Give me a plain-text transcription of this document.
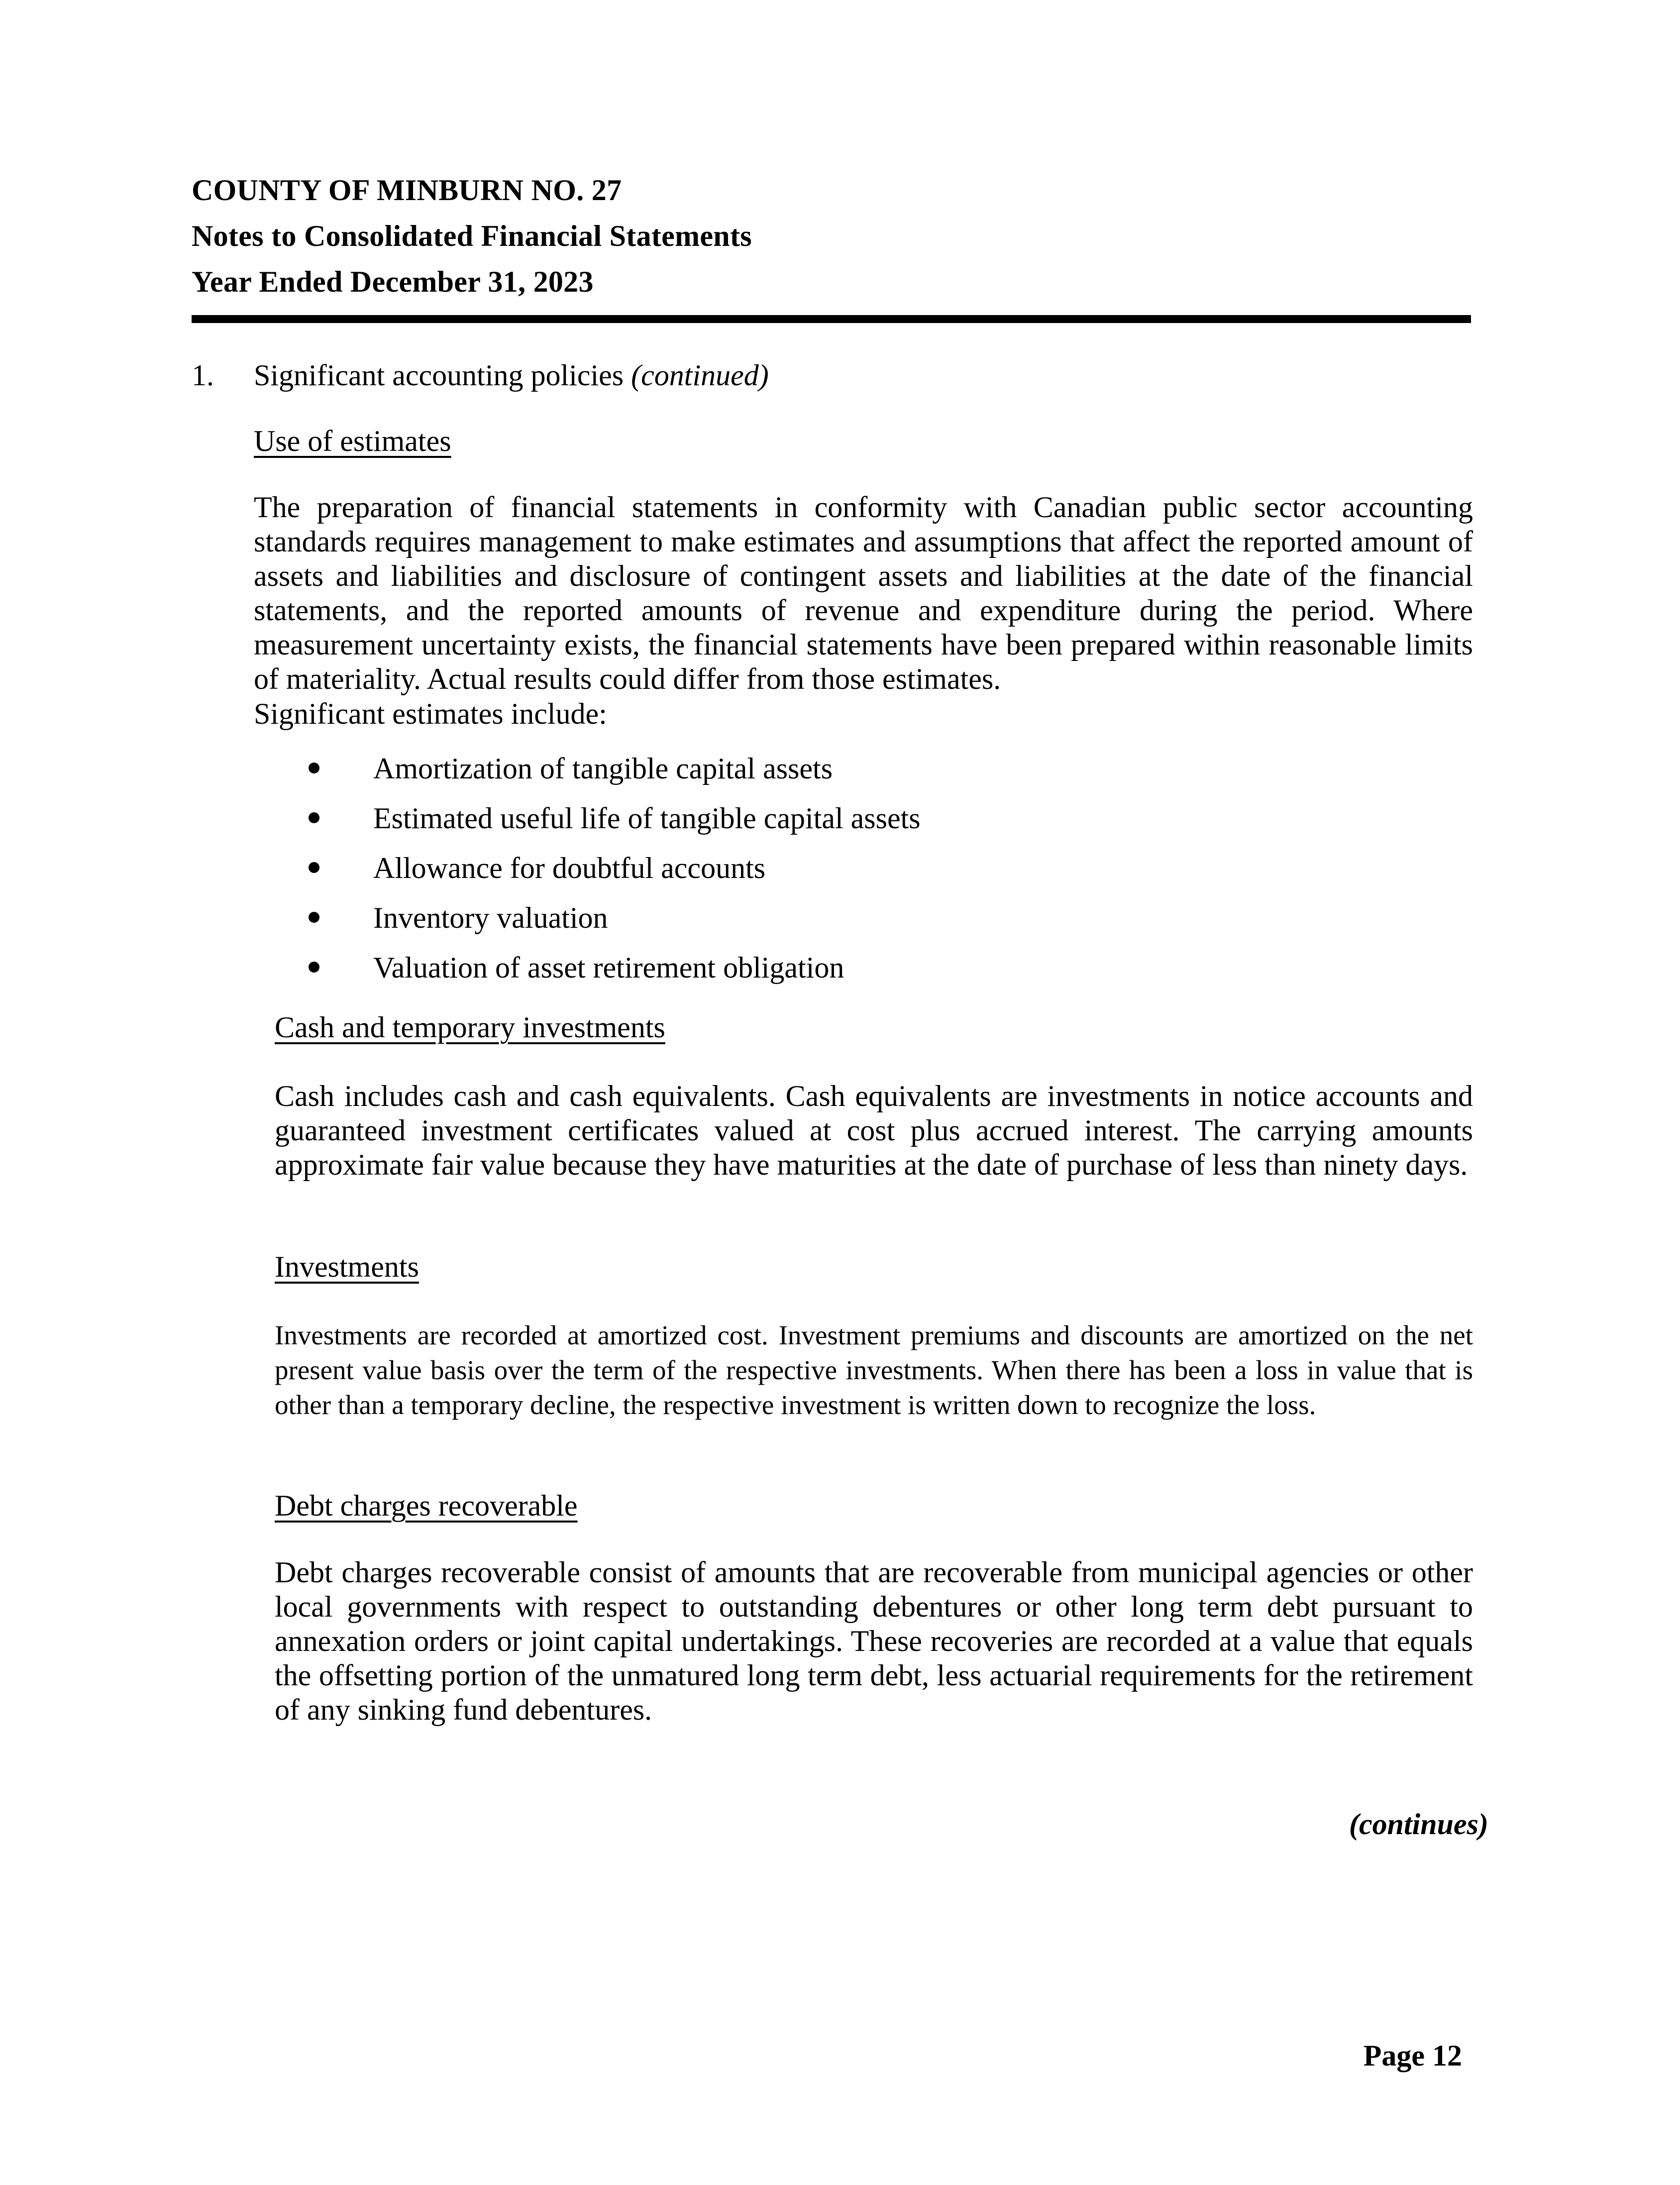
COUNTY OF MINBURN NO. 27
Notes to Consolidated Financial Statements
Year Ended December 31, 2023
1. Significant accounting policies (continued)
Use of estimates
The preparation of financial statements in conformity with Canadian public sector accounting standards requires management to make estimates and assumptions that affect the reported amount of assets and liabilities and disclosure of contingent assets and liabilities at the date of the financial statements, and the reported amounts of revenue and expenditure during the period. Where measurement uncertainty exists, the financial statements have been prepared within reasonable limits of materiality. Actual results could differ from those estimates.
Significant estimates include:
Amortization of tangible capital assets
Estimated useful life of tangible capital assets
Allowance for doubtful accounts
Inventory valuation
Valuation of asset retirement obligation
Cash and temporary investments
Cash includes cash and cash equivalents. Cash equivalents are investments in notice accounts and guaranteed investment certificates valued at cost plus accrued interest. The carrying amounts approximate fair value because they have maturities at the date of purchase of less than ninety days.
Investments
Investments are recorded at amortized cost. Investment premiums and discounts are amortized on the net present value basis over the term of the respective investments. When there has been a loss in value that is other than a temporary decline, the respective investment is written down to recognize the loss.
Debt charges recoverable
Debt charges recoverable consist of amounts that are recoverable from municipal agencies or other local governments with respect to outstanding debentures or other long term debt pursuant to annexation orders or joint capital undertakings. These recoveries are recorded at a value that equals the offsetting portion of the unmatured long term debt, less actuarial requirements for the retirement of any sinking fund debentures.
(continues)
Page 12
